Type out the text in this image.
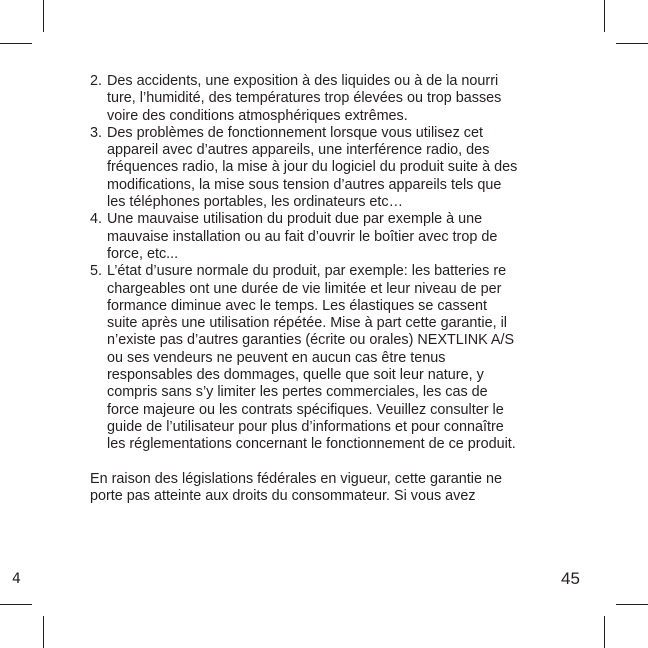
4
2. Des accidents, une exposition à des liquides ou à de la nourri
ture, l’humidité, des températures trop élevées ou trop basses
voire des conditions atmosphériques extrêmes.
3. Des problèmes de fonctionnement lorsque vous utilisez cet
appareil avec d’autres appareils, une interférence radio, des
fréquences radio, la mise à jour du logiciel du produit suite à des
modifications, la mise sous tension d’autres appareils tels que
les téléphones portables, les ordinateurs etc…
4. Une mauvaise utilisation du produit due par exemple à une
mauvaise installation ou au fait d’ouvrir le boîtier avec trop de
force, etc...
5. L’état d’usure normale du produit, par exemple: les batteries re
chargeables ont une durée de vie limitée et leur niveau de per
formance diminue avec le temps. Les élastiques se cassent
suite après une utilisation répétée. Mise à part cette garantie, il
n’existe pas d’autres garanties (écrite ou orales) NEXTLINK A/S
ou ses vendeurs ne peuvent en aucun cas être tenus
responsables des dommages, quelle que soit leur nature, y
compris sans s’y limiter les pertes commerciales, les cas de
force majeure ou les contrats spécifiques. Veuillez consulter le
guide de l’utilisateur pour plus d’informations et pour connaître
les réglementations concernant le fonctionnement de ce produit.
En raison des législations fédérales en vigueur, cette garantie ne
porte pas atteinte aux droits du consommateur. Si vous avez
45
